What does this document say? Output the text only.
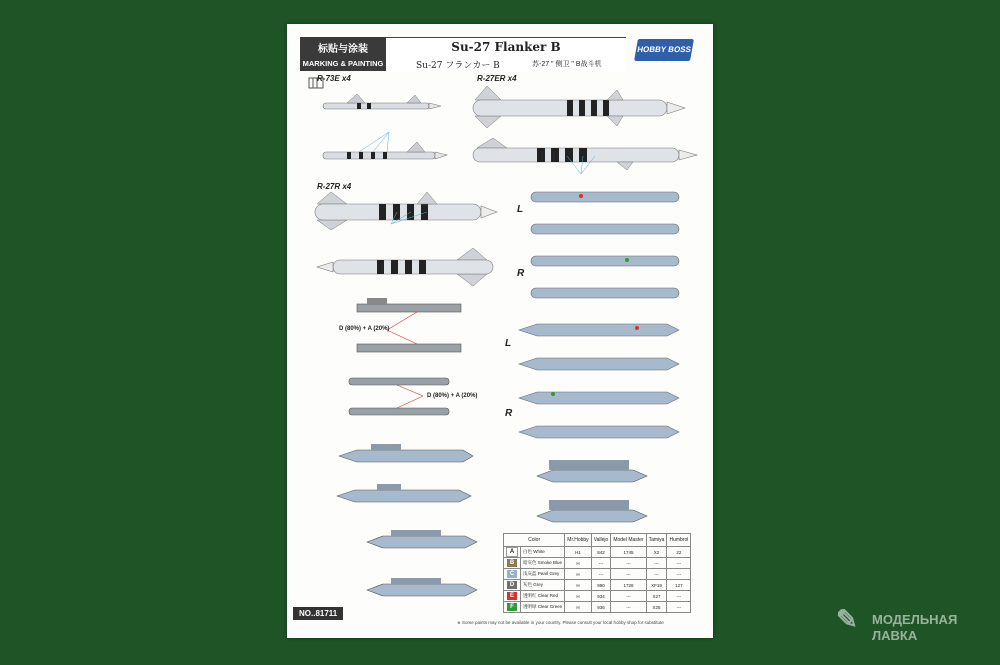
标贴与涂装
MARKING & PAINTING
Su-27 Flanker B
Su-27 フランカー B	苏-27 " 侧卫 " B战斗机
HOBBY BOSS
R-73E x4	R-27ER x4
R-27R x4
D (80%) + A (20%)
D (80%) + A (20%)
L
R
L
R
NO..81711
Color		Mr.Hobby	Vallejo	Model Master	Tamiya	Humbrol
A	白色 White	H1	842	1745	X2	22
B	暗灰色 Smoke Blue	H	---	---	---	---
C	浅灰蓝 Pearl Grey	H	---	---	---	---
D	灰色 Grey	H	990	1728	XF19	127
E	透明红 Clear Red	H	934	---	X27	---
F	透明绿 Clear Green	H	936	---	X25	---
※ Some paints may not be available in your country. Please consult your local hobby shop for substitute	✎ МОДЕЛЬНАЯ
ЛАВКА
